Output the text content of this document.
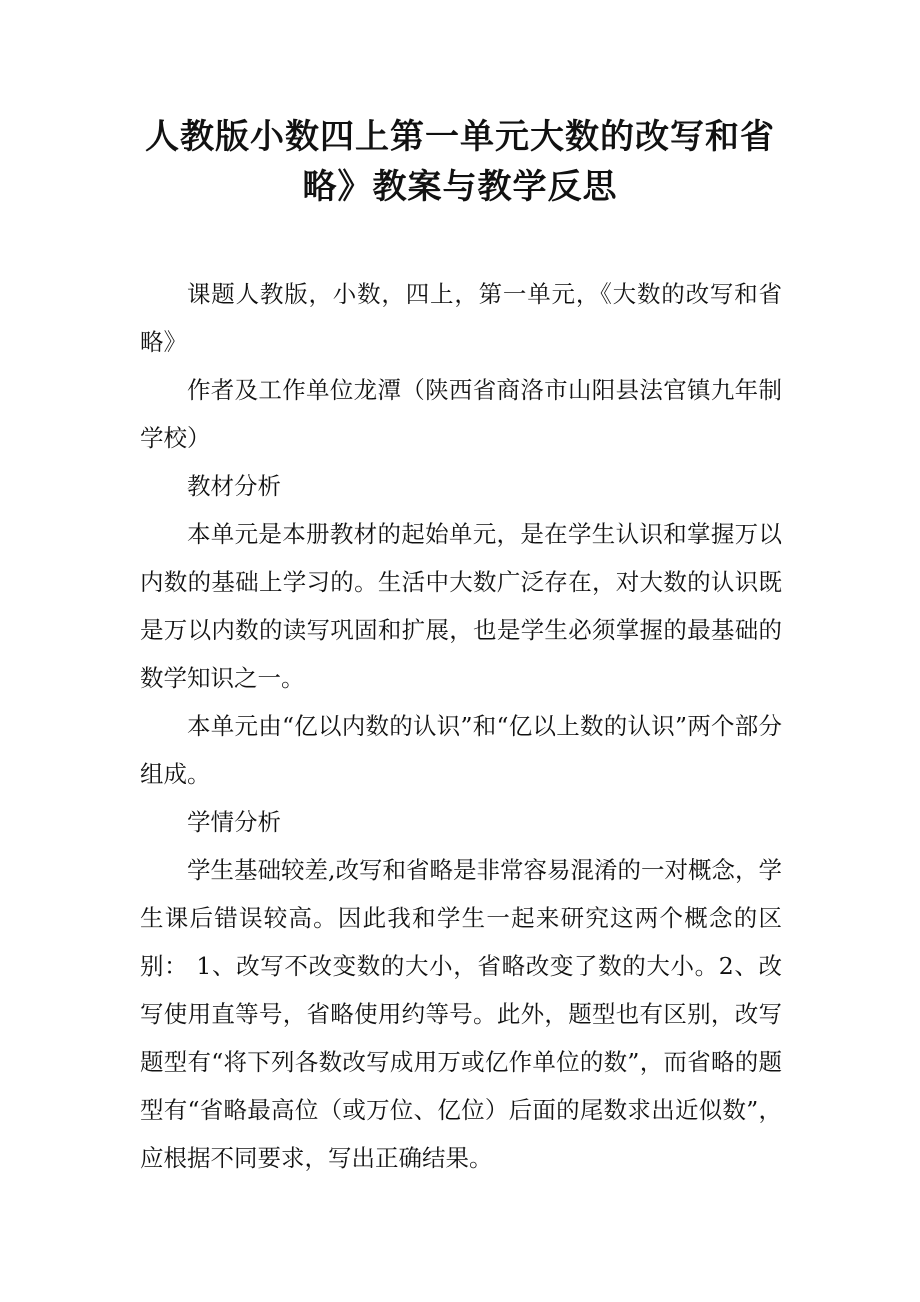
人教版小数四上第一单元大数的改写和省略》教案与教学反思

课题人教版，小数，四上，第一单元，《大数的改写和省略》

作者及工作单位龙潭（陕西省商洛市山阳县法官镇九年制学校）

教材分析

本单元是本册教材的起始单元，是在学生认识和掌握万以内数的基础上学习的。生活中大数广泛存在，对大数的认识既是万以内数的读写巩固和扩展，也是学生必须掌握的最基础的数学知识之一。

本单元由“亿以内数的认识”和“亿以上数的认识”两个部分组成。

学情分析

学生基础较差,改写和省略是非常容易混淆的一对概念，学生课后错误较高。因此我和学生一起来研究这两个概念的区别： 1、改写不改变数的大小，省略改变了数的大小。2、改写使用直等号，省略使用约等号。此外，题型也有区别，改写题型有“将下列各数改写成用万或亿作单位的数”，而省略的题型有“省略最高位（或万位、亿位）后面的尾数求出近似数”，应根据不同要求，写出正确结果。
